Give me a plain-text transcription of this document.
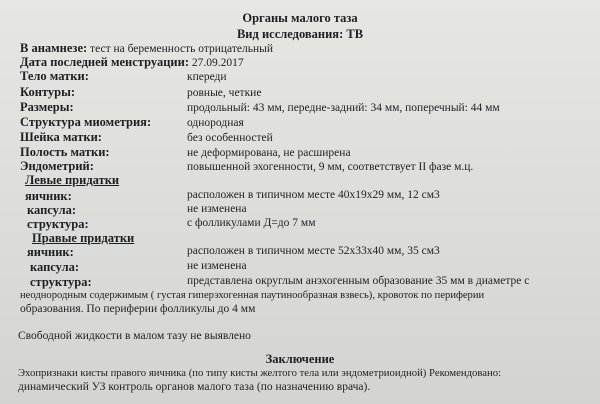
Органы малого таза
Вид исследования: ТВ
В анамнезе: тест на беременность отрицательный
Дата последней менструации: 27.09.2017
Тело матки:	кпереди
Контуры:	ровные, четкие
Размеры:	продольный: 43 мм, передне-задний: 34 мм, поперечный: 44 мм
Структура миометрия:	однородная
Шейка матки:	без особенностей
Полость матки:	не деформирована, не расширена
Эндометрий:	повышенной эхогенности, 9 мм, соответствует II фазе м.ц.
Левые придатки
яичник:	расположен в типичном месте 40x19x29 мм, 12 см3
капсула:	не изменена
структура:	с фолликулами Д=до 7 мм
Правые придатки
яичник:	расположен в типичном месте 52x33x40 мм, 35 см3
капсула:	не изменена
структура:	представлена округлым анэхогенным образование 35 мм в диаметре с
неоднородным содержимым ( густая гиперэхогенная паутинообразная взвесь), кровоток по периферии
образования. По периферии фолликулы до 4 мм
Свободной жидкости в малом тазу не выявлено
Заключение
Эхопризнаки кисты правого яичника (по типу кисты желтого тела или эндометриоидной) Рекомендовано:
динамический УЗ контроль органов малого таза (по назначению врача).
